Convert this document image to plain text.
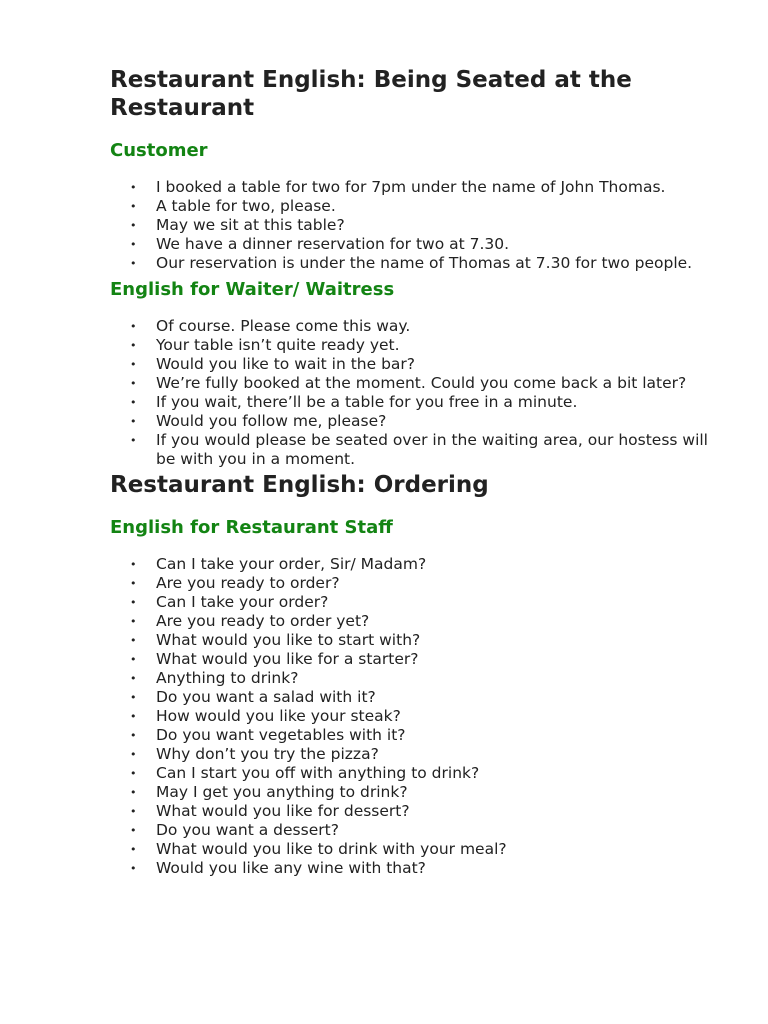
Restaurant English: Being Seated at the Restaurant
Customer
• I booked a table for two for 7pm under the name of John Thomas.
• A table for two, please.
• May we sit at this table?
• We have a dinner reservation for two at 7.30.
• Our reservation is under the name of Thomas at 7.30 for two people.
English for Waiter/ Waitress
• Of course. Please come this way.
• Your table isn’t quite ready yet.
• Would you like to wait in the bar?
• We’re fully booked at the moment. Could you come back a bit later?
• If you wait, there’ll be a table for you free in a minute.
• Would you follow me, please?
• If you would please be seated over in the waiting area, our hostess will be with you in a moment.
Restaurant English: Ordering
English for Restaurant Staff
• Can I take your order, Sir/ Madam?
• Are you ready to order?
• Can I take your order?
• Are you ready to order yet?
• What would you like to start with?
• What would you like for a starter?
• Anything to drink?
• Do you want a salad with it?
• How would you like your steak?
• Do you want vegetables with it?
• Why don’t you try the pizza?
• Can I start you off with anything to drink?
• May I get you anything to drink?
• What would you like for dessert?
• Do you want a dessert?
• What would you like to drink with your meal?
• Would you like any wine with that?
